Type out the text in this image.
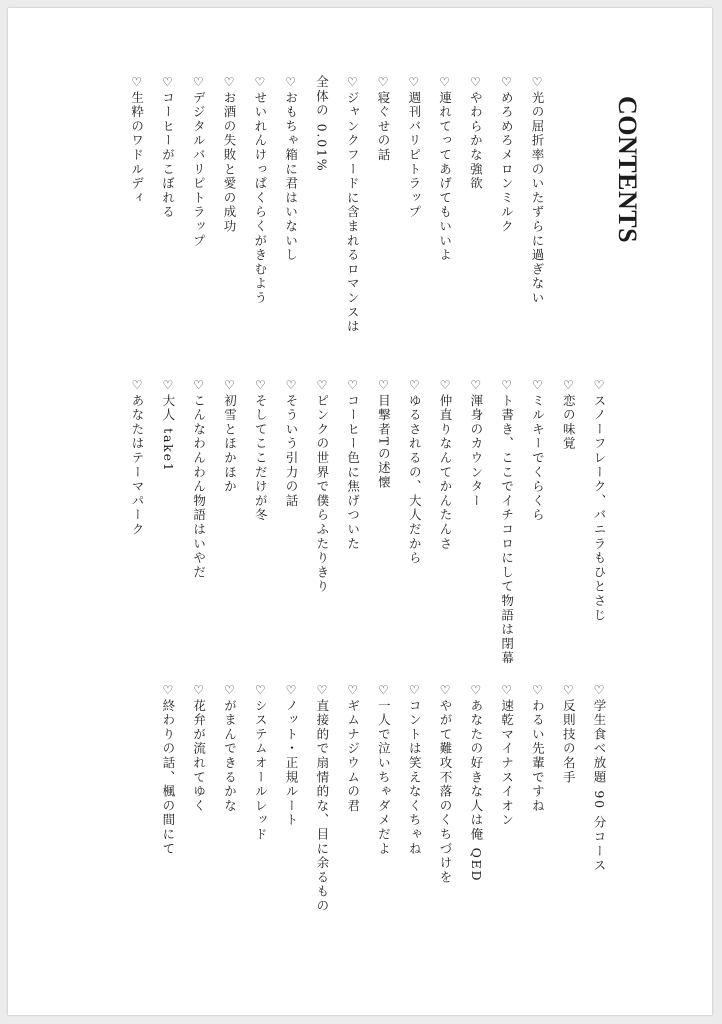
CONTENTS
♡光の屈折率のいたずらに過ぎない
♡めろめろメロンミルク
♡やわらかな強欲
♡連れてってあげてもいいよ
♡週刊バリピトラップ
♡寝ぐせの話
♡ジャンクフードに含まれるロマンスは
全体の 0.01%
♡おもちゃ箱に君はいないし
♡せいれんけっぱくらくがきむよう
♡お酒の失敗と愛の成功
♡デジタルバリピトラップ
♡コーヒーがこぼれる
♡生粋のワドルディ
♡スノーフレーク、バニラもひとさじ
♡恋の味覚
♡ミルキーでくらくら
♡ト書き、ここでイチコロにして物語は閉幕
♡渾身のカウンター
♡仲直りなんてかんたんさ
♡ゆるされるの、大人だから
♡目撃者Tの述懐
♡コーヒー色に焦げついた
♡ピンクの世界で僕らふたりきり
♡そういう引力の話
♡そしてここだけが冬
♡初雪とほかほか
♡こんなわんわん物語はいやだ
♡大人 take1
♡あなたはテーマパーク
♡学生食べ放題 90 分コース
♡反則技の名手
♡わるい先輩ですね
♡速乾マイナスイオン
♡あなたの好きな人は俺 QED
♡やがて難攻不落のくちづけを
♡コントは笑えなくちゃね
♡一人で泣いちゃダメだよ
♡ギムナジウムの君
♡直接的で扇情的な、目に余るもの
♡ノット・正規ルート
♡システムオールレッド
♡がまんできるかな
♡花弁が流れてゆく
♡終わりの話、楓の間にて
